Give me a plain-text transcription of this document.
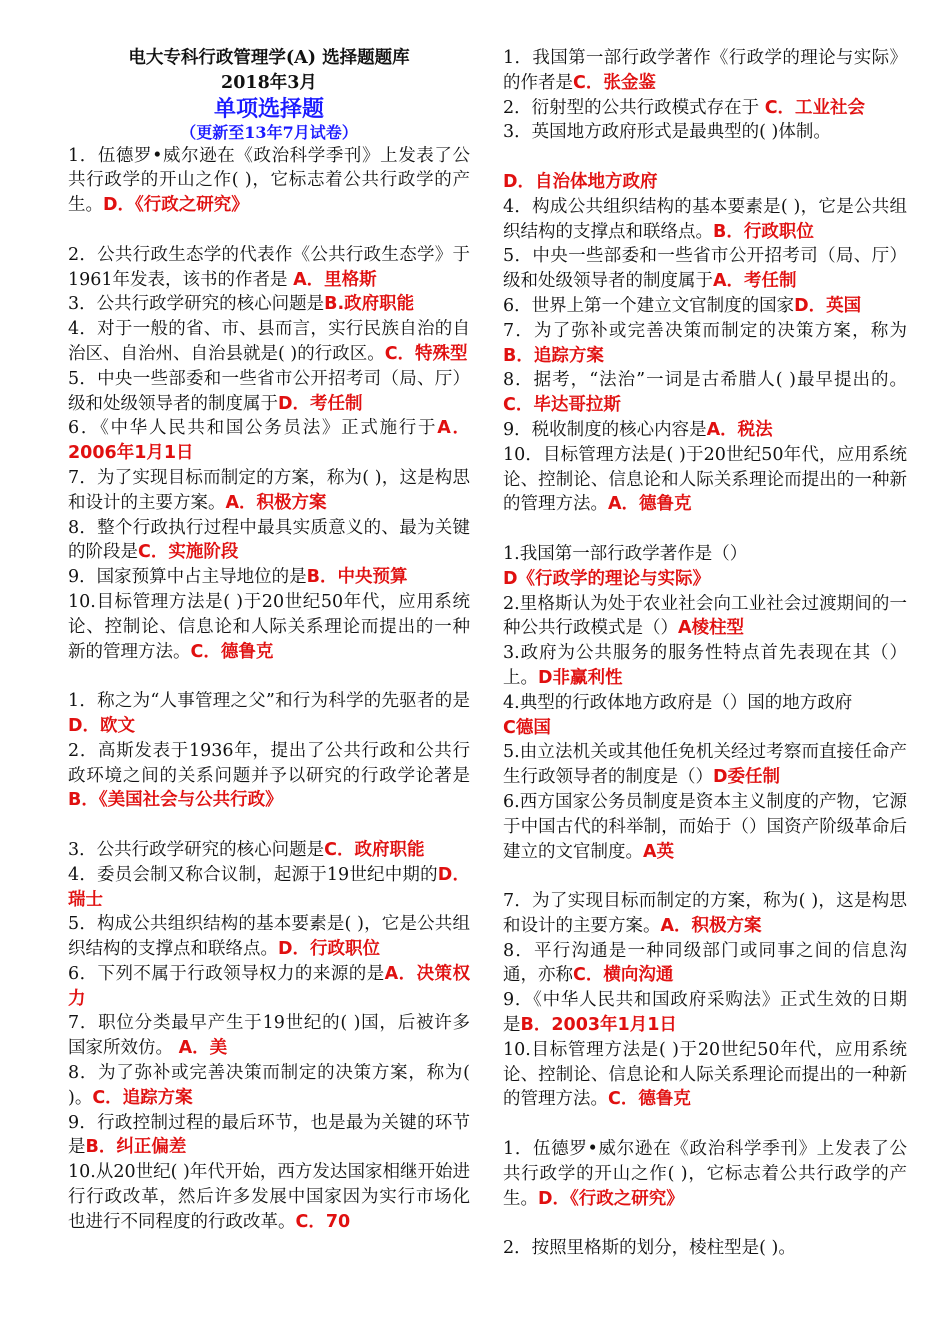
电大专科行政管理学(A) 选择题题库
2018年3月
单项选择题
（更新至13年7月试卷）

1．伍德罗•威尔逊在《政治科学季刊》上发表了公共行政学的开山之作( )，它标志着公共行政学的产生。D．《行政之研究》

2．公共行政生态学的代表作《公共行政生态学》于1961年发表，该书的作者是 A．里格斯

3．公共行政学研究的核心问题是B.政府职能

4．对于一般的省、市、县而言，实行民族自治的自治区、自治州、自治县就是( )的行政区。C．特殊型

5．中央一些部委和一些省市公开招考司（局、厅）级和处级领导者的制度属于D．考任制

6．《中华人民共和国公务员法》正式施行于A．2006年1月1日

7．为了实现目标而制定的方案，称为( )，这是构思和设计的主要方案。A．积极方案

8．整个行政执行过程中最具实质意义的、最为关键的阶段是C．实施阶段

9．国家预算中占主导地位的是B．中央预算

10.目标管理方法是( )于20世纪50年代，应用系统论、控制论、信息论和人际关系理论而提出的一种新的管理方法。C．德鲁克

1．称之为“人事管理之父”和行为科学的先驱者的是D．欧文

2．高斯发表于1936年，提出了公共行政和公共行政环境之间的关系问题并予以研究的行政学论著是B．《美国社会与公共行政》

3．公共行政学研究的核心问题是C．政府职能

4．委员会制又称合议制，起源于19世纪中期的D．瑞士

5．构成公共组织结构的基本要素是( )，它是公共组织结构的支撑点和联络点。D．行政职位

6．下列不属于行政领导权力的来源的是A．决策权力

7．职位分类最早产生于19世纪的( )国，后被许多国家所效仿。 A．美

8．为了弥补或完善决策而制定的决策方案，称为( )。C．追踪方案

9．行政控制过程的最后环节，也是最为关键的环节是B．纠正偏差

10.从20世纪( )年代开始，西方发达国家相继开始进行行政改革，然后许多发展中国家因为实行市场化也进行不同程度的行政改革。C．70

1．我国第一部行政学著作《行政学的理论与实际》的作者是C．张金鉴

2．衍射型的公共行政模式存在于 C．工业社会

3．英国地方政府形式是最典型的( )体制。

D．自治体地方政府

4．构成公共组织结构的基本要素是( )，它是公共组织结构的支撑点和联络点。B．行政职位

5．中央一些部委和一些省市公开招考司（局、厅）级和处级领导者的制度属于A．考任制

6．世界上第一个建立文官制度的国家D．英国

7．为了弥补或完善决策而制定的决策方案，称为B．追踪方案

8．据考，“法治”一词是古希腊人( )最早提出的。C．毕达哥拉斯

9．税收制度的核心内容是A．税法

10．目标管理方法是( )于20世纪50年代，应用系统论、控制论、信息论和人际关系理论而提出的一种新的管理方法。A．德鲁克

1.我国第一部行政学著作是（）

D《行政学的理论与实际》

2.里格斯认为处于农业社会向工业社会过渡期间的一种公共行政模式是（）A棱柱型

3.政府为公共服务的服务性特点首先表现在其（）上。D非赢利性

4.典型的行政体地方政府是（）国的地方政府

C德国

5.由立法机关或其他任免机关经过考察而直接任命产生行政领导者的制度是（）D委任制

6.西方国家公务员制度是资本主义制度的产物，它源于中国古代的科举制，而始于（）国资产阶级革命后建立的文官制度。A英

7．为了实现目标而制定的方案，称为( )，这是构思和设计的主要方案。A．积极方案

8．平行沟通是一种同级部门或同事之间的信息沟通，亦称C．横向沟通

9．《中华人民共和国政府采购法》正式生效的日期是B．2003年1月1日

10.目标管理方法是( )于20世纪50年代，应用系统论、控制论、信息论和人际关系理论而提出的一种新的管理方法。C．德鲁克

1．伍德罗•威尔逊在《政治科学季刊》上发表了公共行政学的开山之作( )，它标志着公共行政学的产生。D．《行政之研究》

2．按照里格斯的划分，棱柱型是( )。
